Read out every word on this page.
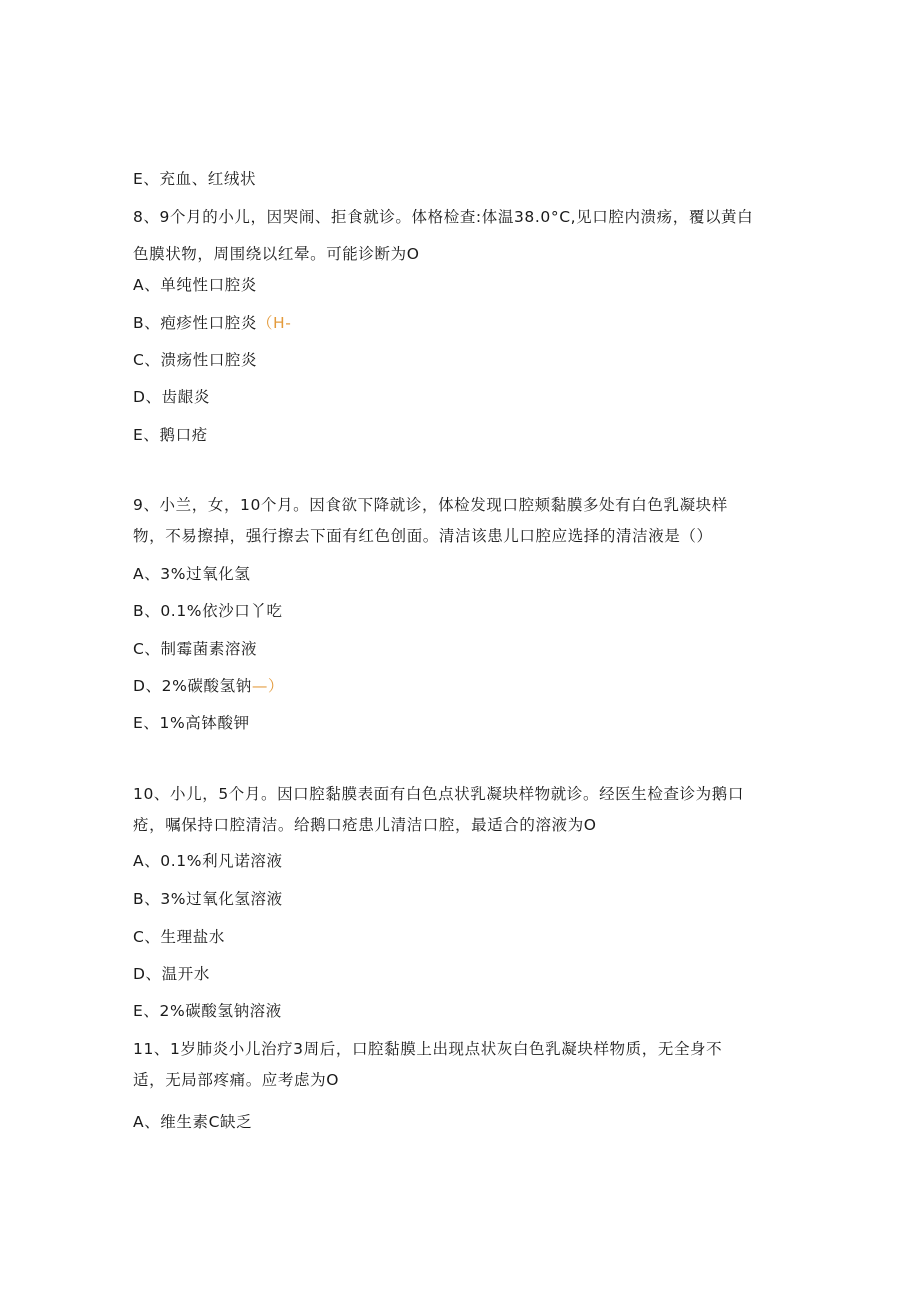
E、充血、红绒状
8、9个月的小儿，因哭闹、拒食就诊。体格检查:体温38.0°C,见口腔内溃疡，覆以黄白
色膜状物，周围绕以红晕。可能诊断为O
A、单纯性口腔炎
B、疱疹性口腔炎（H-
C、溃疡性口腔炎
D、齿龈炎
E、鹅口疮
9、小兰，女，10个月。因食欲下降就诊，体检发现口腔颊黏膜多处有白色乳凝块样
物，不易擦掉，强行擦去下面有红色创面。清洁该患儿口腔应选择的清洁液是（）
A、3%过氧化氢
B、0.1%依沙口丫吃
C、制霉菌素溶液
D、2%碳酸氢钠—）
E、1%高钵酸钾
10、小儿，5个月。因口腔黏膜表面有白色点状乳凝块样物就诊。经医生检查诊为鹅口
疮，嘱保持口腔清洁。给鹅口疮患儿清洁口腔，最适合的溶液为O
A、0.1%利凡诺溶液
B、3%过氧化氢溶液
C、生理盐水
D、温开水
E、2%碳酸氢钠溶液
11、1岁肺炎小儿治疗3周后，口腔黏膜上出现点状灰白色乳凝块样物质，无全身不
适，无局部疼痛。应考虑为O
A、维生素C缺乏
